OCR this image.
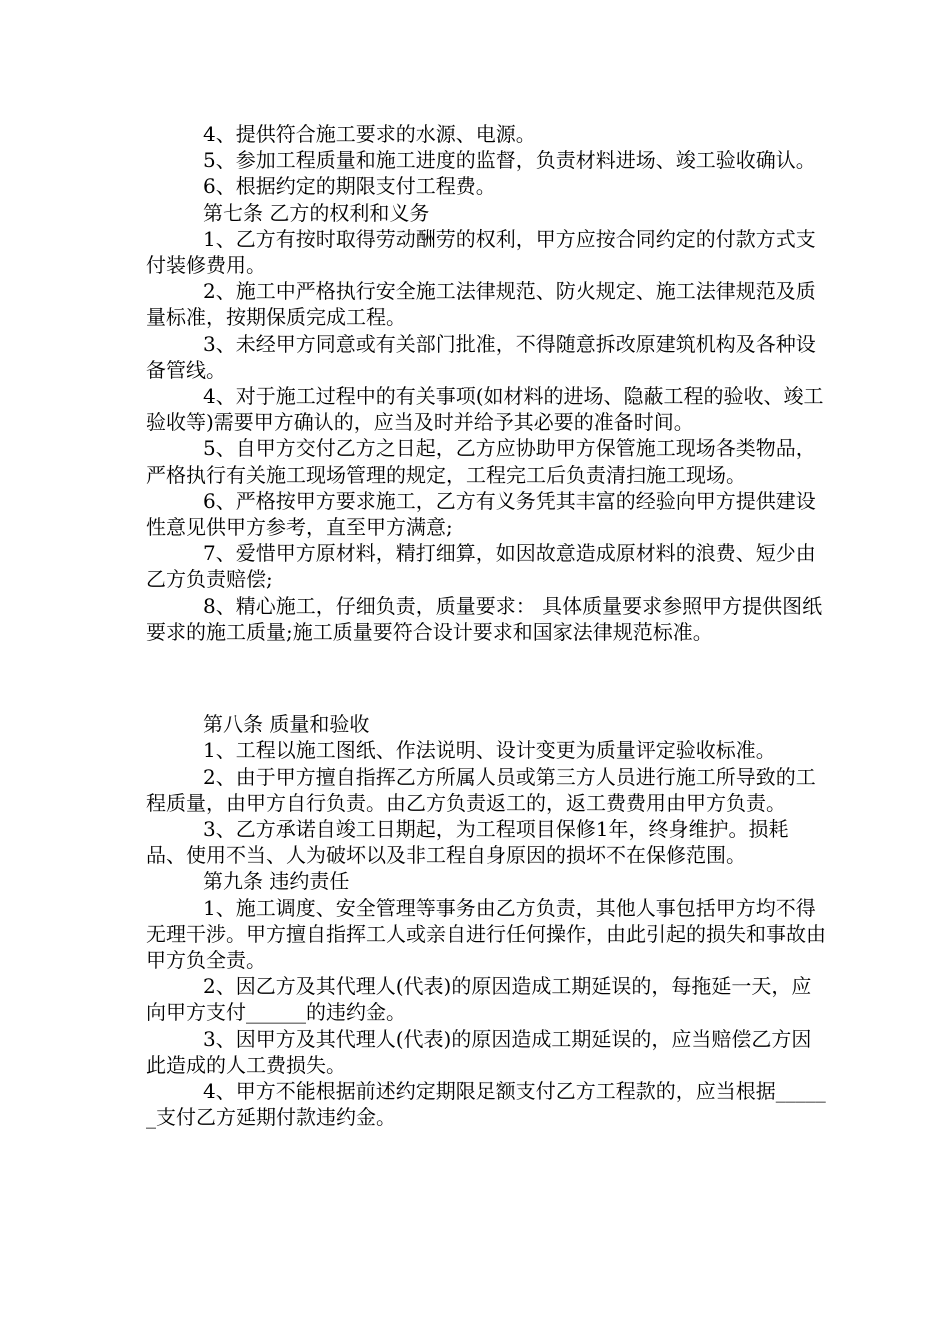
4、提供符合施工要求的水源、电源。

5、参加工程质量和施工进度的监督，负责材料进场、竣工验收确认。

6、根据约定的期限支付工程费。

第七条 乙方的权利和义务

1、乙方有按时取得劳动酬劳的权利，甲方应按合同约定的付款方式支付装修费用。

2、施工中严格执行安全施工法律规范、防火规定、施工法律规范及质量标准，按期保质完成工程。

3、未经甲方同意或有关部门批准，不得随意拆改原建筑机构及各种设备管线。

4、对于施工过程中的有关事项(如材料的进场、隐蔽工程的验收、竣工验收等)需要甲方确认的，应当及时并给予其必要的准备时间。

5、自甲方交付乙方之日起，乙方应协助甲方保管施工现场各类物品，严格执行有关施工现场管理的规定，工程完工后负责清扫施工现场。

6、严格按甲方要求施工，乙方有义务凭其丰富的经验向甲方提供建设性意见供甲方参考，直至甲方满意;

7、爱惜甲方原材料，精打细算，如因故意造成原材料的浪费、短少由乙方负责赔偿;

8、精心施工，仔细负责，质量要求： 具体质量要求参照甲方提供图纸要求的施工质量;施工质量要符合设计要求和国家法律规范标准。

第八条 质量和验收

1、工程以施工图纸、作法说明、设计变更为质量评定验收标准。

2、由于甲方擅自指挥乙方所属人员或第三方人员进行施工所导致的工程质量，由甲方自行负责。由乙方负责返工的，返工费费用由甲方负责。

3、乙方承诺自竣工日期起，为工程项目保修1年，终身维护。损耗品、使用不当、人为破坏以及非工程自身原因的损坏不在保修范围。

第九条 违约责任

1、施工调度、安全管理等事务由乙方负责，其他人事包括甲方均不得无理干涉。甲方擅自指挥工人或亲自进行任何操作，由此引起的损失和事故由甲方负全责。

2、因乙方及其代理人(代表)的原因造成工期延误的，每拖延一天，应向甲方支付______的违约金。

3、因甲方及其代理人(代表)的原因造成工期延误的，应当赔偿乙方因此造成的人工费损失。

4、甲方不能根据前述约定期限足额支付乙方工程款的，应当根据______支付乙方延期付款违约金。
